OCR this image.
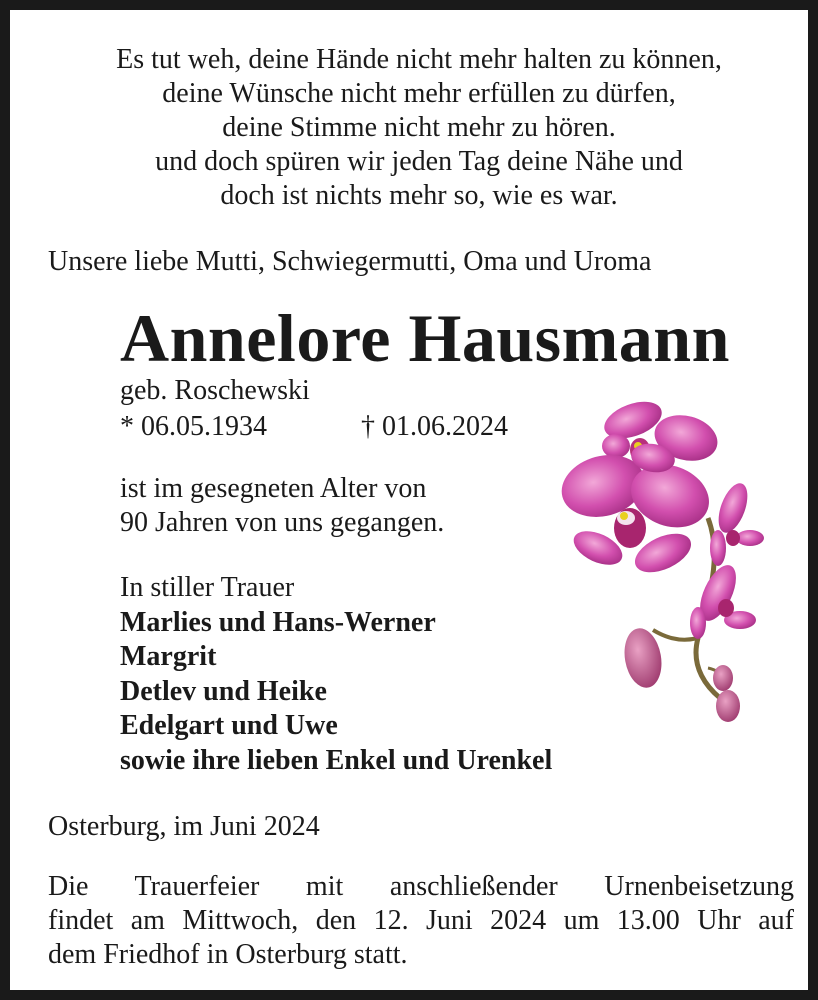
Es tut weh, deine Hände nicht mehr halten zu können,
deine Wünsche nicht mehr erfüllen zu dürfen,
deine Stimme nicht mehr zu hören.
und doch spüren wir jeden Tag deine Nähe und
doch ist nichts mehr so, wie es war.
Unsere liebe Mutti, Schwiegermutti, Oma und Uroma
Annelore Hausmann
geb. Roschewski
* 06.05.1934	† 01.06.2024
ist im gesegneten Alter von
90 Jahren von uns gegangen.
In stiller Trauer
Marlies und Hans-Werner
Margrit
Detlev und Heike
Edelgart und Uwe
sowie ihre lieben Enkel und Urenkel
Osterburg, im Juni 2024
Die Trauerfeier mit anschließender Urnenbeisetzung
findet am Mittwoch, den 12. Juni 2024 um 13.00 Uhr auf
dem Friedhof in Osterburg statt.
